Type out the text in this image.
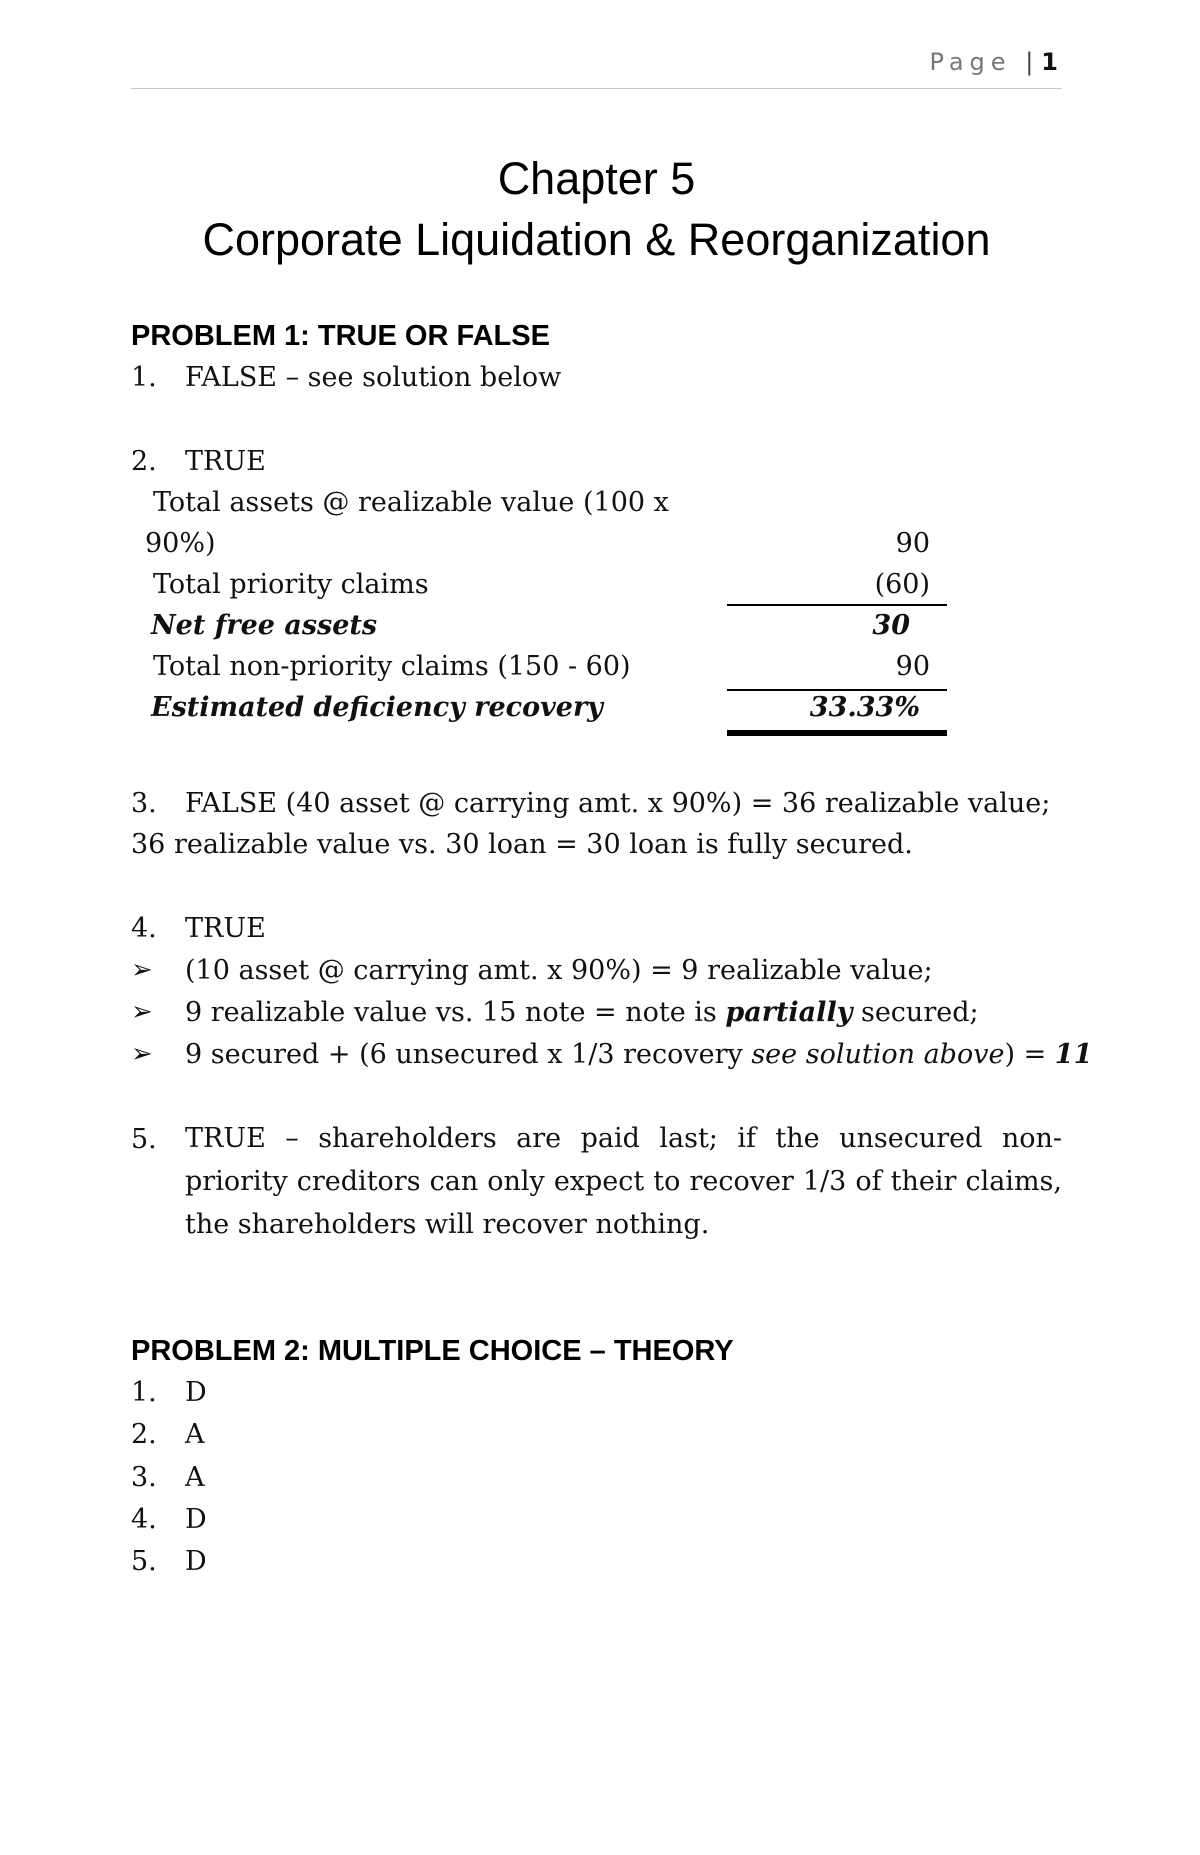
Page | 1
Chapter 5
Corporate Liquidation & Reorganization
PROBLEM 1: TRUE OR FALSE
1. FALSE – see solution below
2. TRUE
Total assets @ realizable value (100 x
90%)	90
Total priority claims	(60)
Net free assets	30
Total non-priority claims (150 - 60)	90
Estimated deficiency recovery	33.33%
3. FALSE (40 asset @ carrying amt. x 90%) = 36 realizable value;
36 realizable value vs. 30 loan = 30 loan is fully secured.
4. TRUE
➢ (10 asset @ carrying amt. x 90%) = 9 realizable value;
➢ 9 realizable value vs. 15 note = note is partially secured;
➢ 9 secured + (6 unsecured x 1/3 recovery see solution above) = 11
5. TRUE – shareholders are paid last; if the unsecured non-priority creditors can only expect to recover 1/3 of their claims, the shareholders will recover nothing.
PROBLEM 2: MULTIPLE CHOICE – THEORY
1. D
2. A
3. A
4. D
5. D
